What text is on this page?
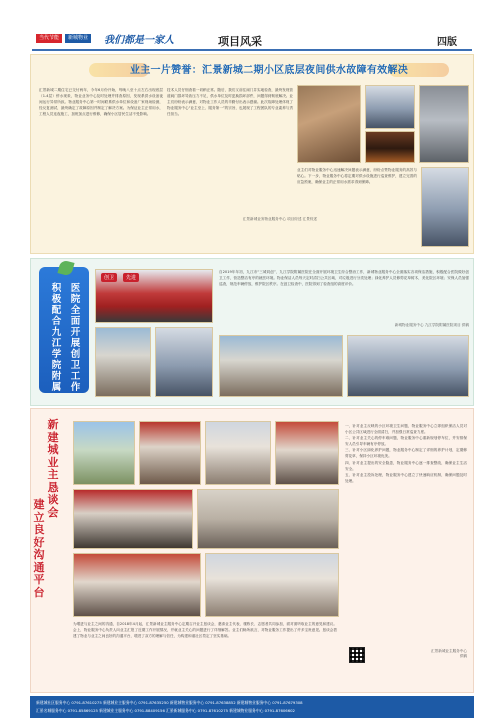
当代节能	新城物业	我们都是一家人	项目风采	四版
业主一片赞誉：汇景新城二期小区底层夜间供水故障有效解决
汇景新城二期住宅已交付两年，今年6月份开始，每晚八至十点左右出现底层（1-4层）停水现象，物业业务中心及时处理并排查原因，发现系供水设备夜间运行异常所致。物业服务中心第一时间联系供水单位和设备厂家现场检测，经反复测试，最终确定了故障原因并制定了解决方案。为保证业主正常用水，工程人员连夜施工，加班加点进行维修，确保小区居民生活不受影响。
技术人员仔细查看一切稍正常。随后，我们又前往阀门井实地检查，最终发现管道阀门损坏导致压力不足，供水单位及时更换损坏部件，问题得到彻底解决。业主们纷纷表示满意，对物业工作人员的辛勤付出表示感谢。此次故障处理体现了物业服务中心“业主至上、服务第一”的宗旨，也展现了工程团队的专业素养与责任担当。
业主们对物业服务中心迅速解决问题表示满意，纷纷点赞物业服务的高效与贴心。下一步，物业服务中心将定期对供水设施进行巡查维护，建立完善的应急预案，确保业主的正常用水需求得到保障。
汇景新城业务物业服务中心 项目综述 汇景综述
医院全面开展创卫工作
积极配合九江学院附属
自2019年年初，九江市“三城同创”、九江学院附属医院在全面开展环境卫生综合整治工作，新城物业服务中心全面落实各项保洁措施，积极配合医院做好创卫工作，营造整洁有序的就医环境。物业保洁人员每天定时清扫公共区域，对垃圾进行分类处理；绿化养护人员修剪花草树木，美化院区环境；安保人员加强巡查，规范车辆停放，维护院区秩序。在创卫检查中，医院得到了检查组的高度评价。
创卫	先进
新城物业服务中心 九江学院附属医院项目 供稿
新建城业主恳谈会
建立良好沟通平台
为增进与业主之间的沟通，自2018年4月起，汇景新城业主服务中心定期召开业主恳谈会，邀请业主代表、楼栋长、志愿者共同参加，面对面听取业主的意见和建议。会上，物业服务中心负责人向业主汇报了近期工作开展情况，并就业主关心的问题进行了详细解答。业主们畅所欲言，对物业服务工作提出了许多宝贵意见。恳谈会搭建了物业与业主之间良好的沟通平台，增进了双方的理解与信任，为构建和谐社区奠定了坚实基础。
一、针对业主反映的小区环境卫生问题，物业服务中心立即组织保洁人员对小区公共区域进行全面清扫，并加强日常巡查力度。
二、针对业主关心的停车难问题，物业服务中心重新规划停车位，并安排保安人员引导车辆有序停放。
三、针对小区绿化养护问题，物业服务中心制定了详细的养护计划，定期修剪花草，保持小区环境优美。
四、针对业主提出的安全隐患，物业服务中心逐一排查整改，确保业主生活安全。
五、针对业主投诉处理，物业服务中心建立了快速响应机制，确保问题及时处理。
汇景新城业主服务中心
供稿
新建城社区服务中心 0791-87610275 新建城业主服务中心 0791-87635250 新建城物业服务中心 0791-87638852 新建城物业服务中心 0791-87679308
汇景名城服务中心 0791-85869125 新建城业主服务中心 0791-88409156 汇景新城服务中心 0791-87610275 新建城物业服务中心 0791-87606602
